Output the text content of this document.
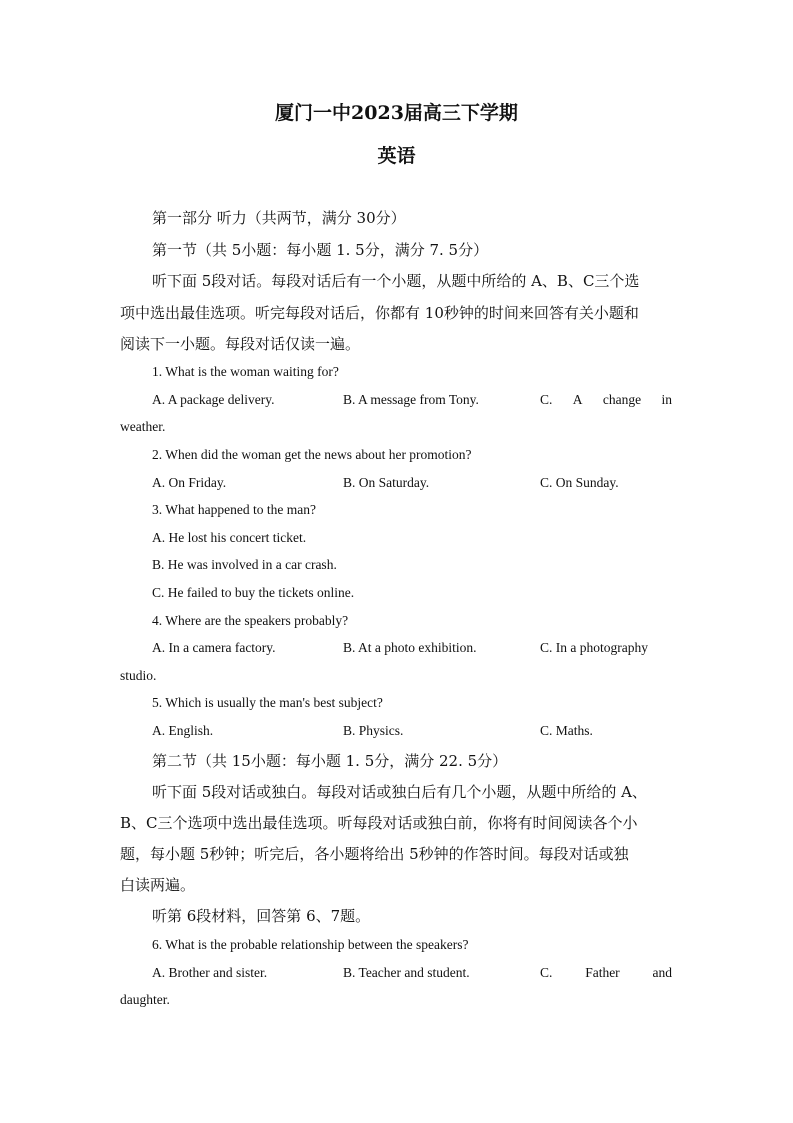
厦门一中2023届高三下学期
英语
第一部分 听力（共两节，满分 30分）
第一节（共 5小题：每小题 1. 5分，满分 7. 5分）
听下面 5段对话。每段对话后有一个小题，从题中所给的 A、B、C三个选
项中选出最佳选项。听完每段对话后，你都有 10秒钟的时间来回答有关小题和
阅读下一小题。每段对话仅读一遍。
1. What is the woman waiting for?
A. A package delivery.	B. A message from Tony.	C. A change in
weather.
2. When did the woman get the news about her promotion?
A. On Friday.	B. On Saturday.	C. On Sunday.
3. What happened to the man?
A. He lost his concert ticket.
B. He was involved in a car crash.
C. He failed to buy the tickets online.
4. Where are the speakers probably?
A. In a camera factory.	B. At a photo exhibition.	C. In a photography
studio.
5. Which is usually the man's best subject?
A. English.	B. Physics.	C. Maths.
第二节（共 15小题：每小题 1. 5分，满分 22. 5分）
听下面 5段对话或独白。每段对话或独白后有几个小题，从题中所给的 A、
B、C三个选项中选出最佳选项。听每段对话或独白前，你将有时间阅读各个小
题，每小题 5秒钟；听完后，各小题将给出 5秒钟的作答时间。每段对话或独
白读两遍。
听第 6段材料，回答第 6、7题。
6. What is the probable relationship between the speakers?
A. Brother and sister.	B. Teacher and student.	C. Father and
daughter.
